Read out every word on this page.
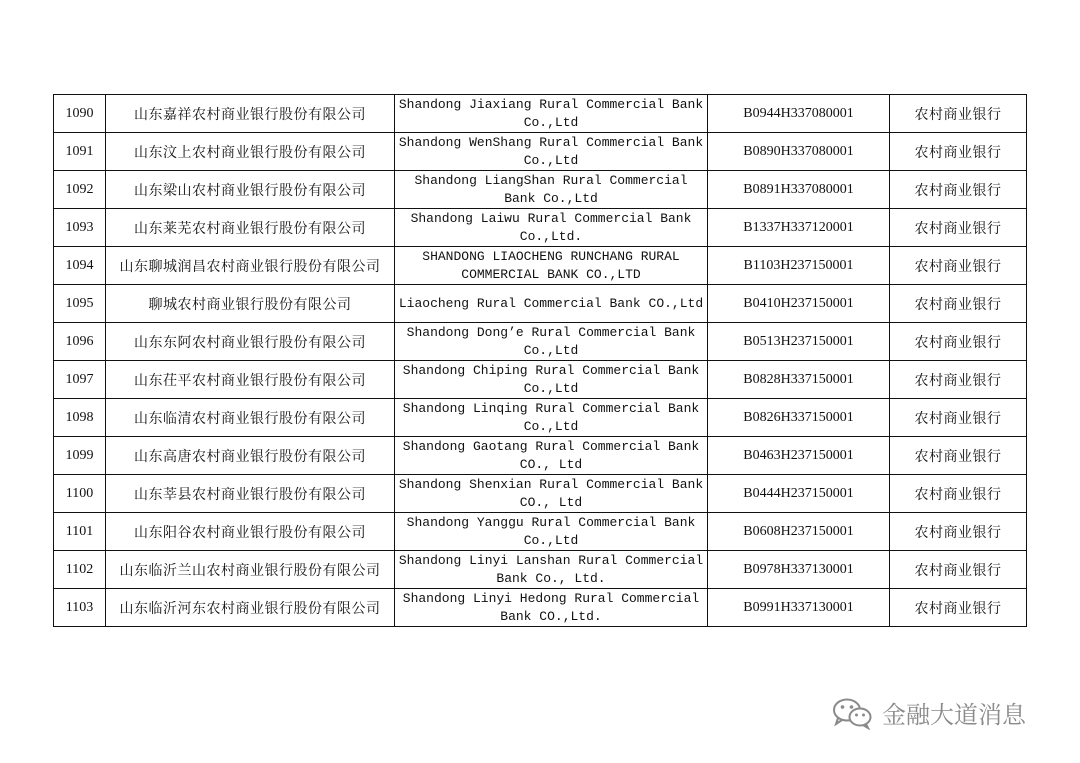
1090	山东嘉祥农村商业银行股份有限公司	Shandong Jiaxiang Rural Commercial Bank Co.,Ltd	B0944H337080001	农村商业银行
1091	山东汶上农村商业银行股份有限公司	Shandong WenShang Rural Commercial Bank Co.,Ltd	B0890H337080001	农村商业银行
1092	山东梁山农村商业银行股份有限公司	Shandong LiangShan Rural Commercial Bank Co.,Ltd	B0891H337080001	农村商业银行
1093	山东莱芜农村商业银行股份有限公司	Shandong Laiwu Rural Commercial Bank Co.,Ltd.	B1337H337120001	农村商业银行
1094	山东聊城润昌农村商业银行股份有限公司	SHANDONG LIAOCHENG RUNCHANG RURAL COMMERCIAL BANK CO.,LTD	B1103H237150001	农村商业银行
1095	聊城农村商业银行股份有限公司	Liaocheng Rural Commercial Bank CO.,Ltd	B0410H237150001	农村商业银行
1096	山东东阿农村商业银行股份有限公司	Shandong Dong’e Rural Commercial Bank Co.,Ltd	B0513H237150001	农村商业银行
1097	山东茌平农村商业银行股份有限公司	Shandong Chiping Rural Commercial Bank Co.,Ltd	B0828H337150001	农村商业银行
1098	山东临清农村商业银行股份有限公司	Shandong Linqing Rural Commercial Bank Co.,Ltd	B0826H337150001	农村商业银行
1099	山东高唐农村商业银行股份有限公司	Shandong Gaotang Rural Commercial Bank CO., Ltd	B0463H237150001	农村商业银行
1100	山东莘县农村商业银行股份有限公司	Shandong Shenxian Rural Commercial Bank CO., Ltd	B0444H237150001	农村商业银行
1101	山东阳谷农村商业银行股份有限公司	Shandong Yanggu Rural Commercial Bank Co.,Ltd	B0608H237150001	农村商业银行
1102	山东临沂兰山农村商业银行股份有限公司	Shandong Linyi Lanshan Rural Commercial Bank Co., Ltd.	B0978H337130001	农村商业银行
1103	山东临沂河东农村商业银行股份有限公司	Shandong Linyi Hedong Rural Commercial Bank CO.,Ltd.	B0991H337130001	农村商业银行
金融大道消息
